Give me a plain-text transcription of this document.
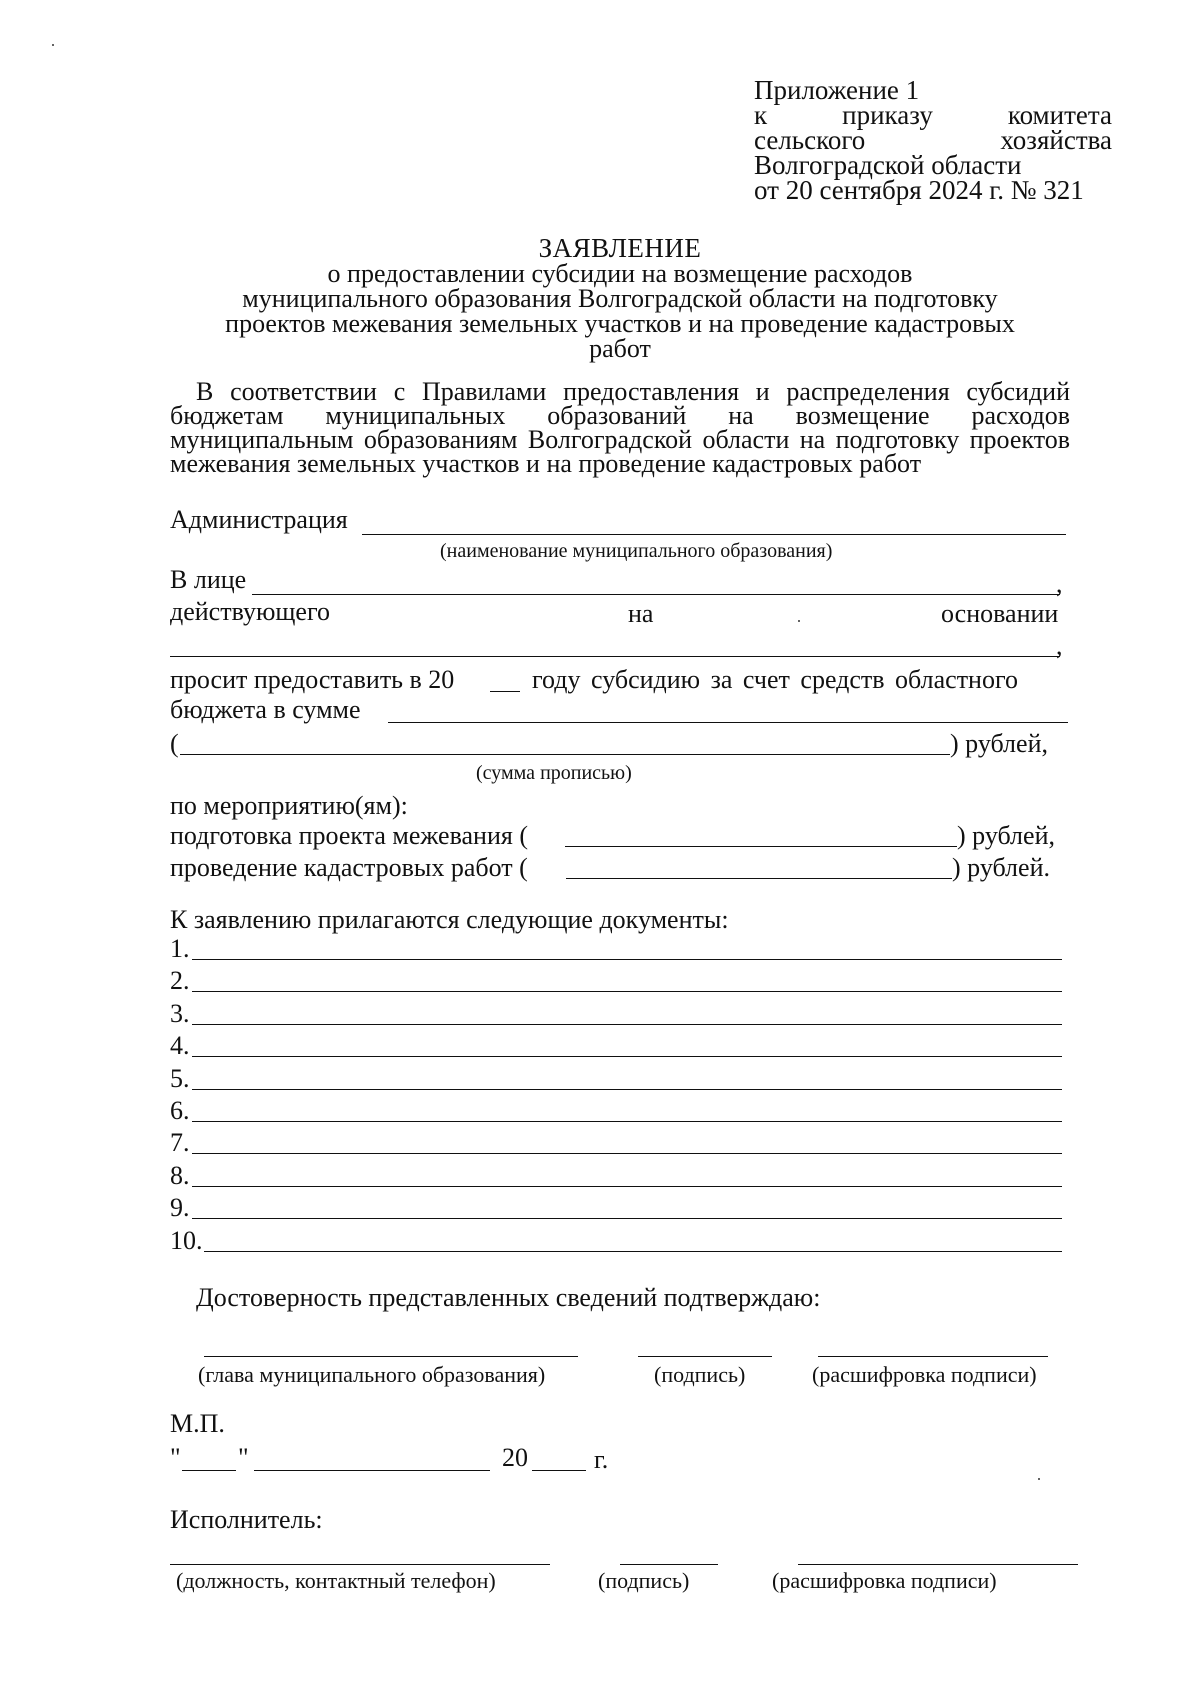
Приложение 1
к	приказу	комитета
сельского	хозяйства
Волгоградской области
от 20 сентября 2024 г. № 321
ЗАЯВЛЕНИЕ
о предоставлении субсидии на возмещение расходов
муниципального образования Волгоградской области на подготовку
проектов межевания земельных участков и на проведение кадастровых
работ
В соответствии с Правилами предоставления и распределения субсидий бюджетам муниципальных образований на возмещение расходов муниципальным образованиям Волгоградской области на подготовку проектов межевания земельных участков и на проведение кадастровых работ
Администрация
(наименование муниципального образования)
В лице	,
действующего	на	основании
,
просит предоставить в 20	году субсидию за счет средств областного
бюджета в сумме
(	) рублей,
(сумма прописью)
по мероприятию(ям):
подготовка проекта межевания (	) рублей,
проведение кадастровых работ (	) рублей.
К заявлению прилагаются следующие документы:
1.
2.
3.
4.
5.
6.
7.
8.
9.
10.
Достоверность представленных сведений подтверждаю:
(глава муниципального образования)	(подпись)	(расшифровка подписи)
М.П.
" "	20	г.
Исполнитель:
(должность, контактный телефон)	(подпись)	(расшифровка подписи)
